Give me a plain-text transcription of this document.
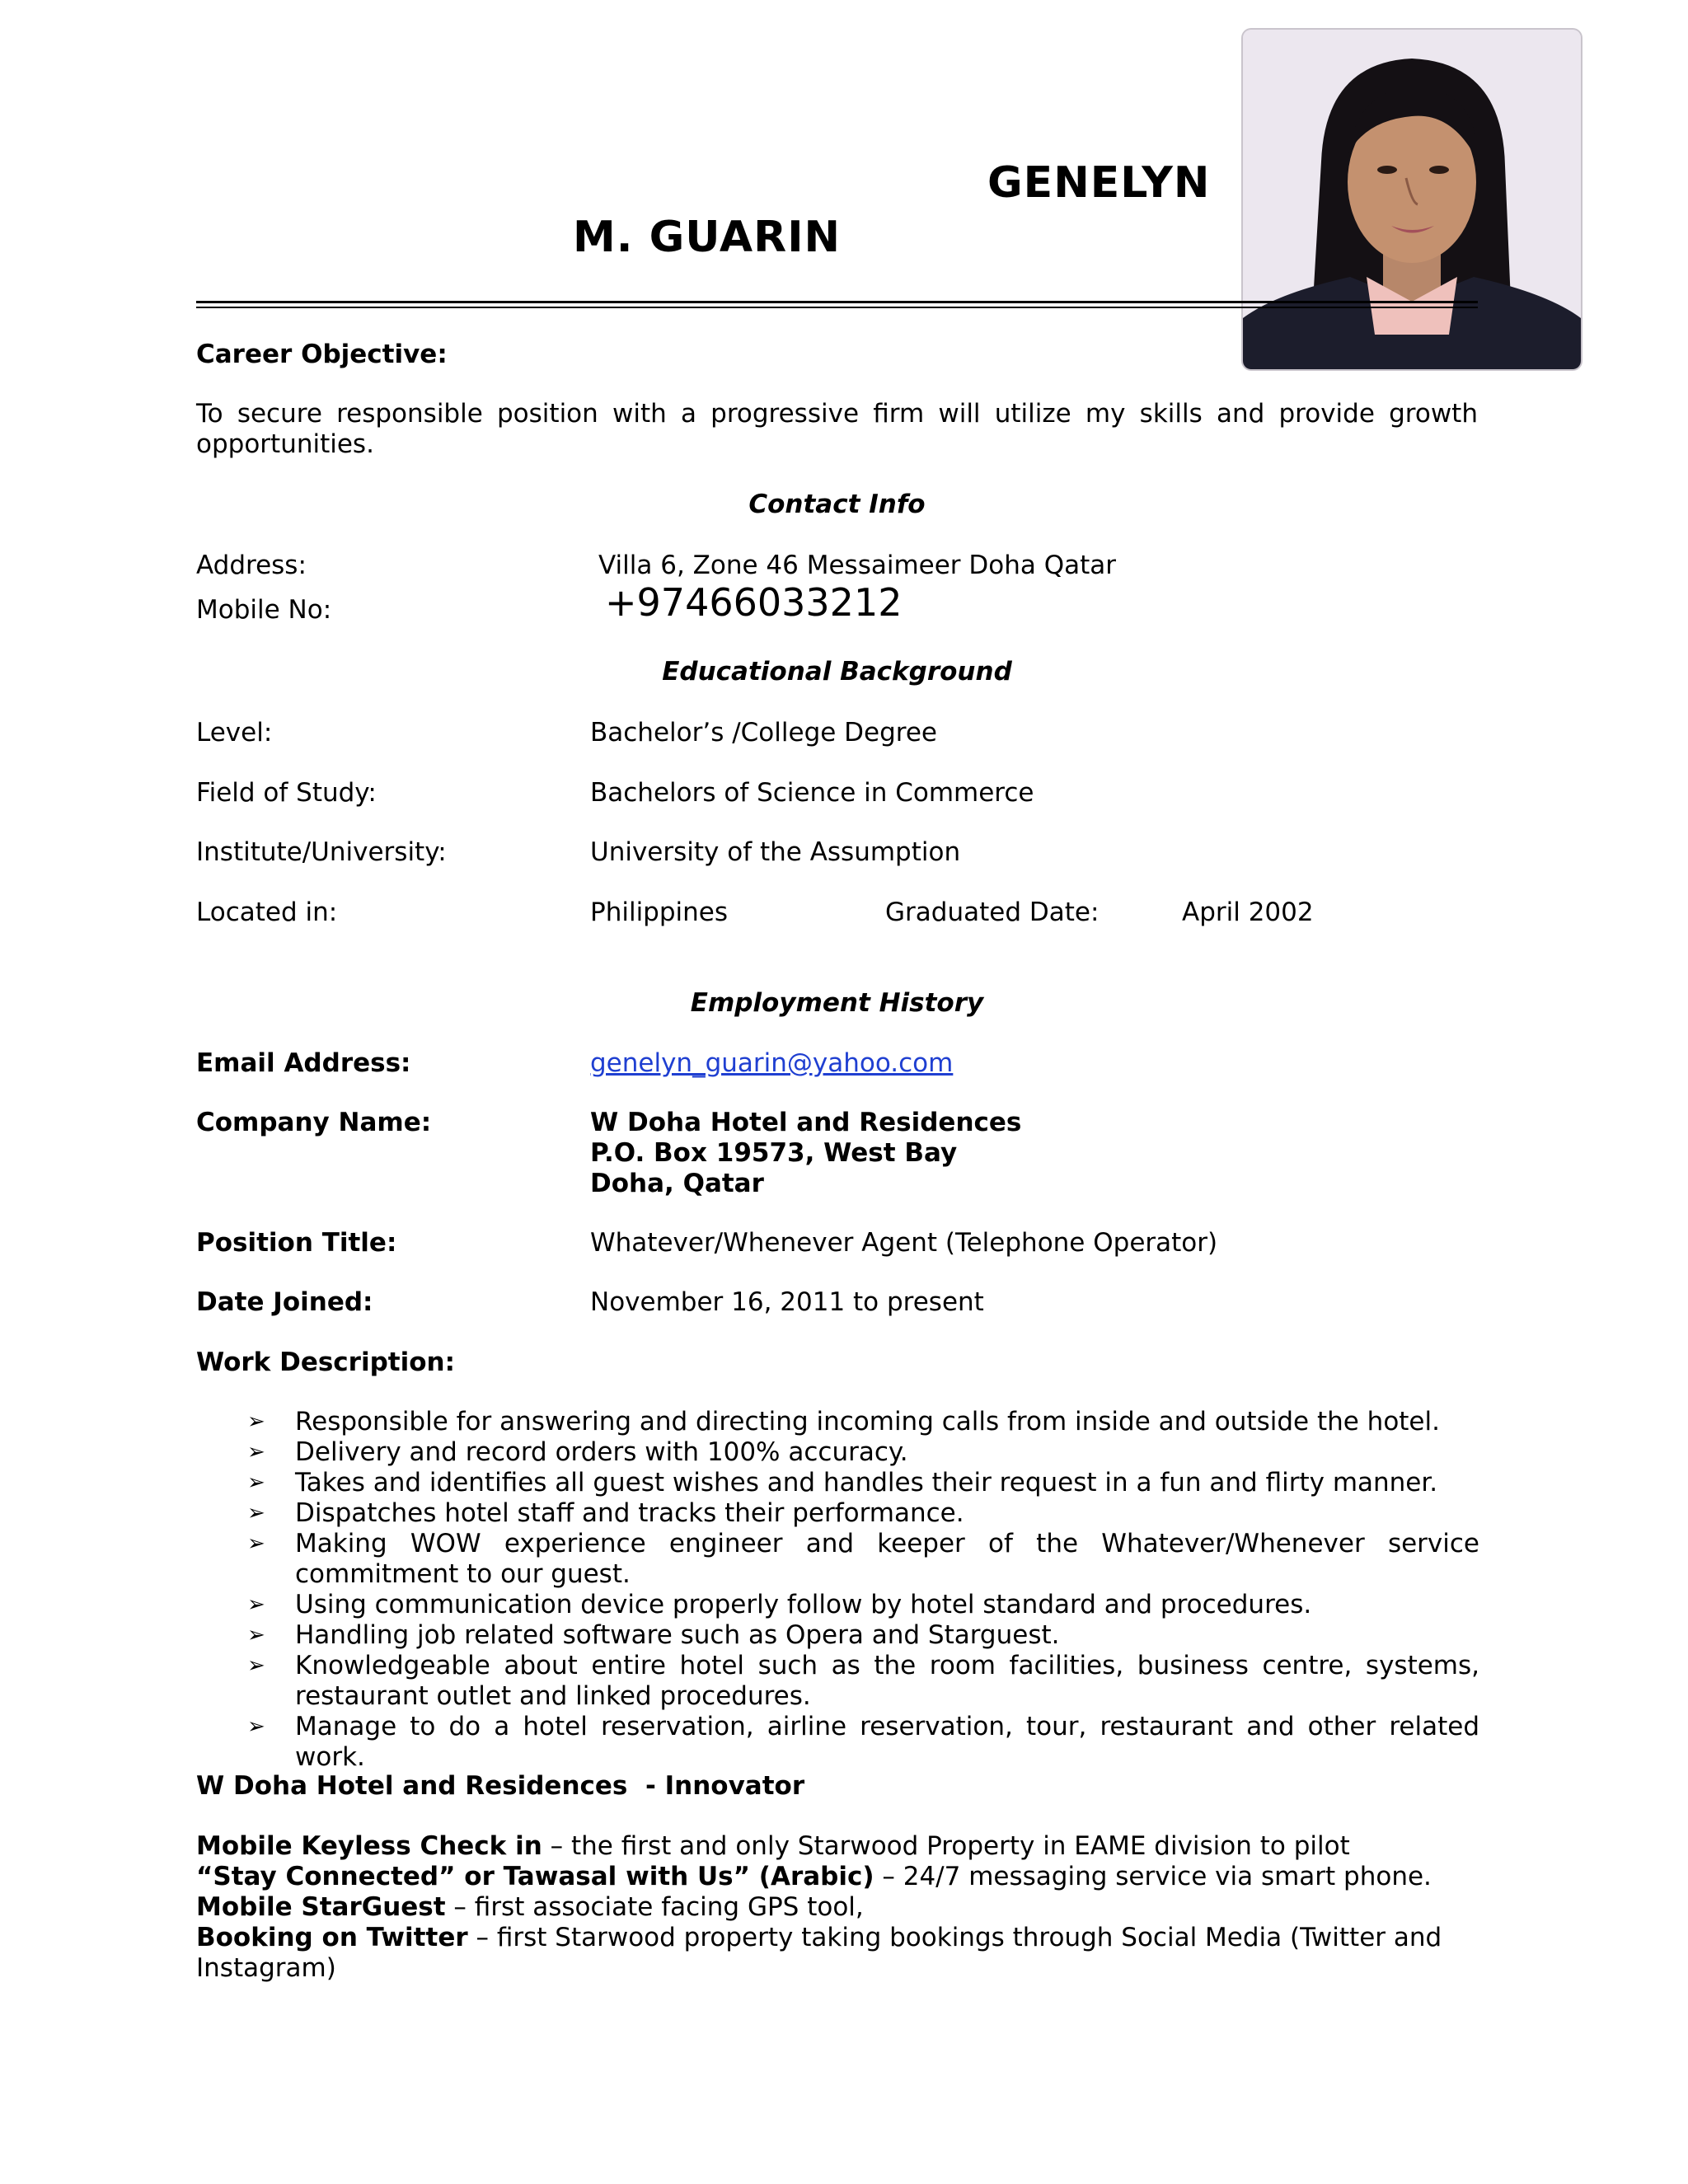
GENELYN
M. GUARIN
Career Objective:
To secure responsible position with a progressive firm will utilize my skills and provide growth
opportunities.
Contact Info
Address:	Villa 6, Zone 46 Messaimeer Doha Qatar
Mobile No:	+97466033212
Educational Background
Level:	Bachelor’s /College Degree
Field of Study:	Bachelors of Science in Commerce
Institute/University:	University of the Assumption
Located in:	Philippines	Graduated Date:	April 2002
Employment History
Email Address:	genelyn_guarin@yahoo.com
Company Name:	W Doha Hotel and Residences
P.O. Box 19573, West Bay
Doha, Qatar
Position Title:	Whatever/Whenever Agent (Telephone Operator)
Date Joined:	November 16, 2011 to present
Work Description:
➢	Responsible for answering and directing incoming calls from inside and outside the hotel.
➢	Delivery and record orders with 100% accuracy.
➢	Takes and identifies all guest wishes and handles their request in a fun and flirty manner.
➢	Dispatches hotel staff and tracks their performance.
➢	Making WOW experience engineer and keeper of the Whatever/Whenever service commitment to our guest.
➢	Using communication device properly follow by hotel standard and procedures.
➢	Handling job related software such as Opera and Starguest.
➢	Knowledgeable about entire hotel such as the room facilities, business centre, systems, restaurant outlet and linked procedures.
➢	Manage to do a hotel reservation, airline reservation, tour, restaurant and other related work.
W Doha Hotel and Residences  - Innovator
Mobile Keyless Check in – the first and only Starwood Property in EAME division to pilot
“Stay Connected” or Tawasal with Us” (Arabic) – 24/7 messaging service via smart phone.
Mobile StarGuest – first associate facing GPS tool,
Booking on Twitter – first Starwood property taking bookings through Social Media (Twitter and Instagram)
